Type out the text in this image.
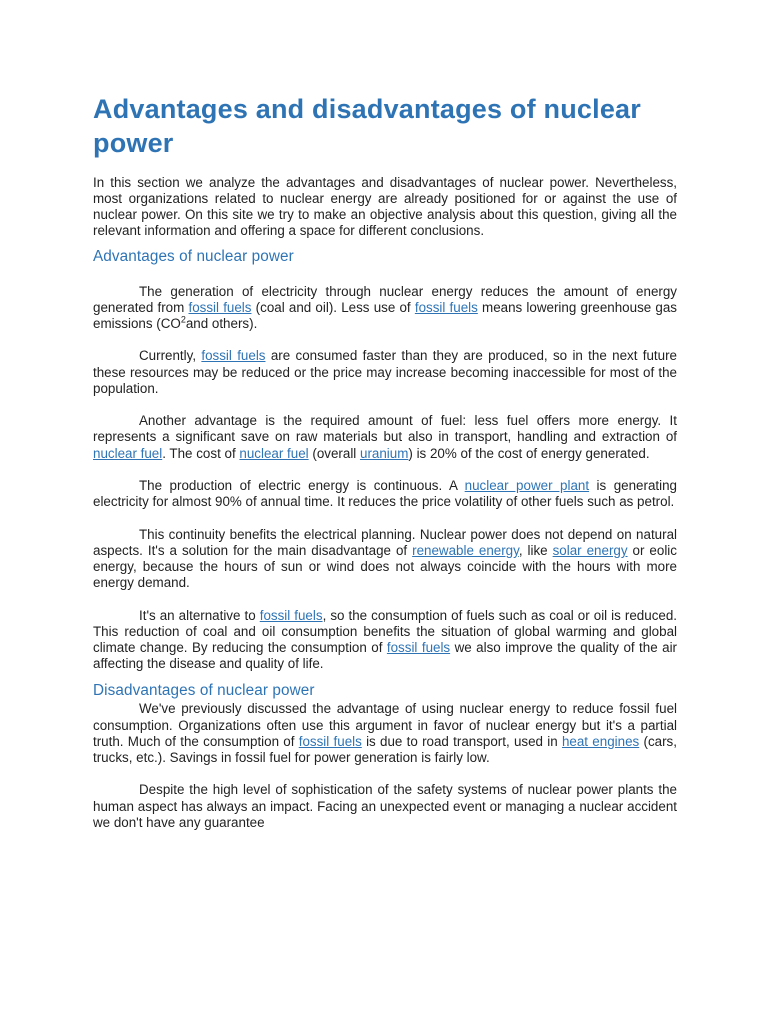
Advantages and disadvantages of nuclear power

In this section we analyze the advantages and disadvantages of nuclear power. Nevertheless, most organizations related to nuclear energy are already positioned for or against the use of nuclear power. On this site we try to make an objective analysis about this question, giving all the relevant information and offering a space for different conclusions.

Advantages of nuclear power

The generation of electricity through nuclear energy reduces the amount of energy generated from fossil fuels (coal and oil). Less use of fossil fuels means lowering greenhouse gas emissions ($CO^2and$ others).

Currently, fossil fuels are consumed faster than they are produced, so in the next future these resources may be reduced or the price may increase becoming inaccessible for most of the population.

Another advantage is the required amount of fuel: less fuel offers more energy. It represents a significant save on raw materials but also in transport, handling and extraction of nuclear fuel. The cost of nuclear fuel (overall uranium) is 20% of the cost of energy generated.

The production of electric energy is continuous. A nuclear power plant is generating electricity for almost 90% of annual time. It reduces the price volatility of other fuels such as petrol.

This continuity benefits the electrical planning. Nuclear power does not depend on natural aspects. It's a solution for the main disadvantage of renewable energy, like solar energy or eolic energy, because the hours of sun or wind does not always coincide with the hours with more energy demand.

It's an alternative to fossil fuels, so the consumption of fuels such as coal or oil is reduced. This reduction of coal and oil consumption benefits the situation of global warming and global climate change. By reducing the consumption of fossil fuels we also improve the quality of the air affecting the disease and quality of life.

Disadvantages of nuclear power

We've previously discussed the advantage of using nuclear energy to reduce fossil fuel consumption. Organizations often use this argument in favor of nuclear energy but it's a partial truth. Much of the consumption of fossil fuels is due to road transport, used in heat engines (cars, trucks, etc.). Savings in fossil fuel for power generation is fairly low.

Despite the high level of sophistication of the safety systems of nuclear power plants the human aspect has always an impact. Facing an unexpected event or managing a nuclear accident we don't have any guarantee
